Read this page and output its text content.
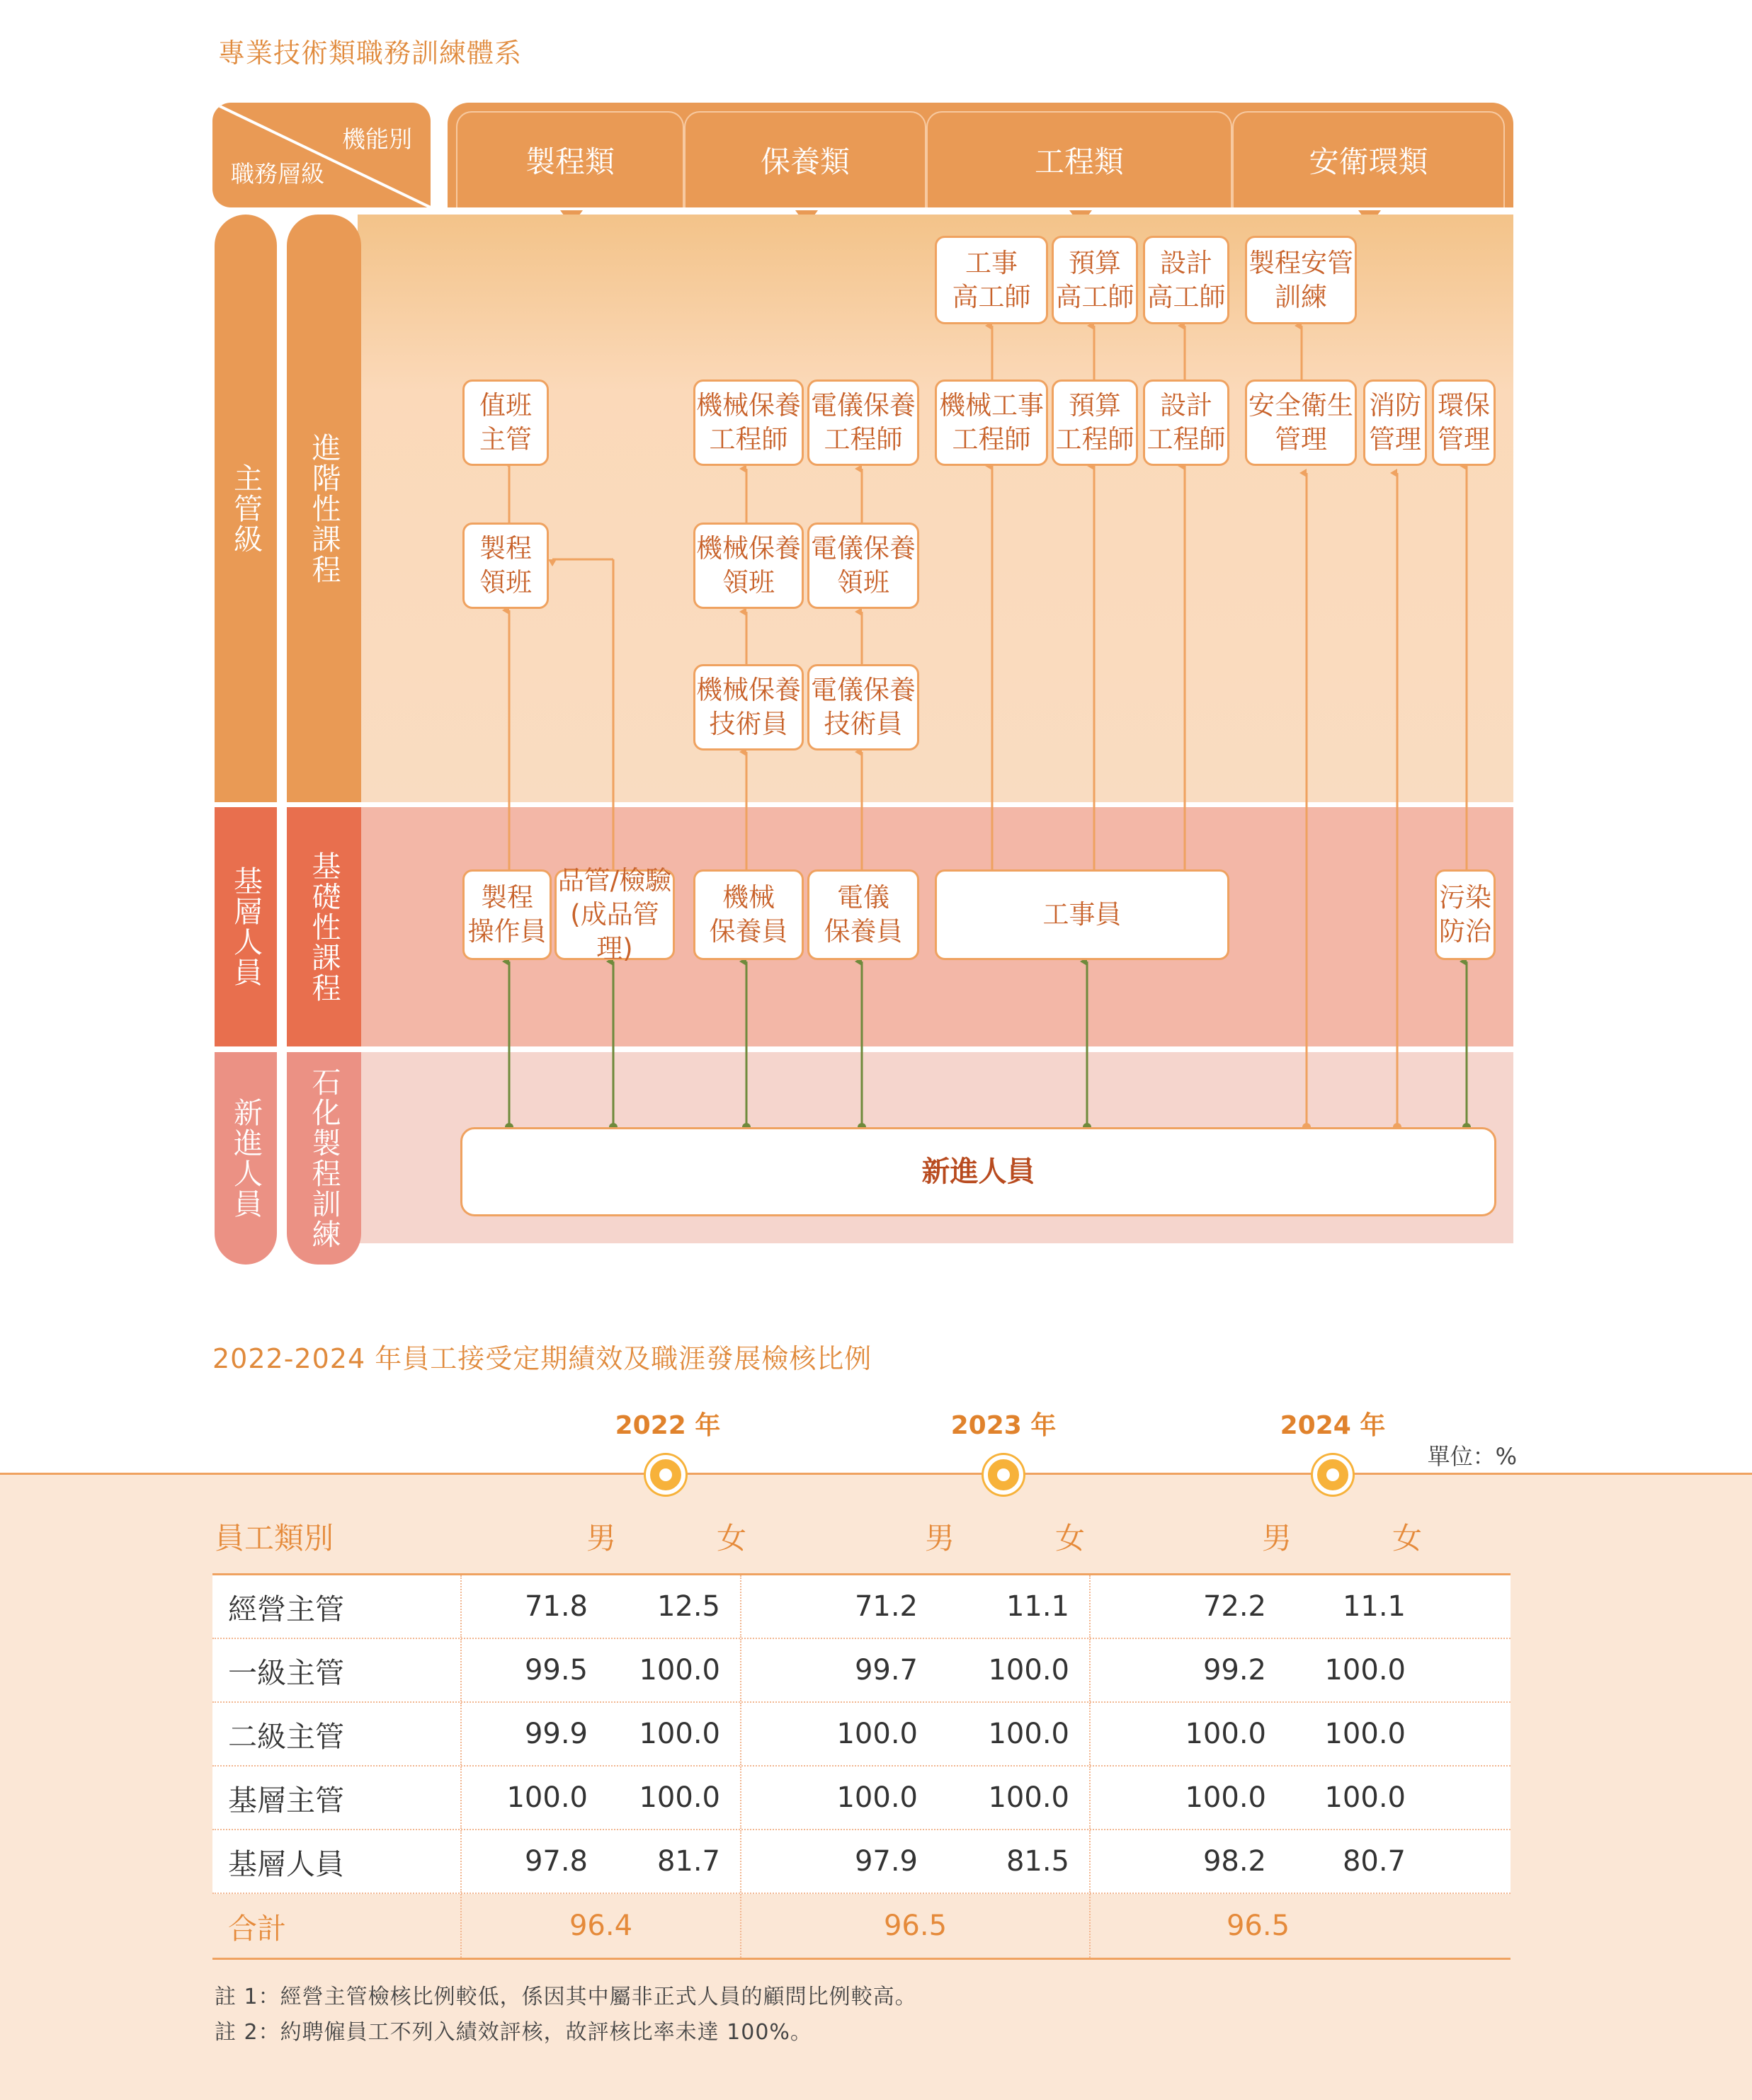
專業技術類職務訓練體系
機能別
職務層級	製程類	保養類	工程類	安衛環類
主管級	進階性課程
基層人員	基礎性課程
新進人員	石化製程訓練
工事
高工師
預算
高工師
設計
高工師
製程安管
訓練
值班
主管
機械保養
工程師
電儀保養
工程師
機械工事
工程師
預算
工程師
設計
工程師
安全衛生
管理
消防
管理
環保
管理
製程
領班
機械保養
領班
電儀保養
領班
機械保養
技術員
電儀保養
技術員
製程
操作員
品管/檢驗
(成品管理)
機械
保養員
電儀
保養員
工事員
污染
防治
新進人員
2022-2024 年員工接受定期績效及職涯發展檢核比例
2022 年	2023 年	2024 年
單位：%
員工類別	男	女	男	女	男	女
經營主管	71.8	12.5	71.2	11.1	72.2	11.1
一級主管	99.5	100.0	99.7	100.0	99.2	100.0
二級主管	99.9	100.0	100.0	100.0	100.0	100.0
基層主管	100.0	100.0	100.0	100.0	100.0	100.0
基層人員	97.8	81.7	97.9	81.5	98.2	80.7
合計	96.4	96.5	96.5
註 1：經營主管檢核比例較低，係因其中屬非正式人員的顧問比例較高。
註 2：約聘僱員工不列入績效評核，故評核比率未達 100%。
